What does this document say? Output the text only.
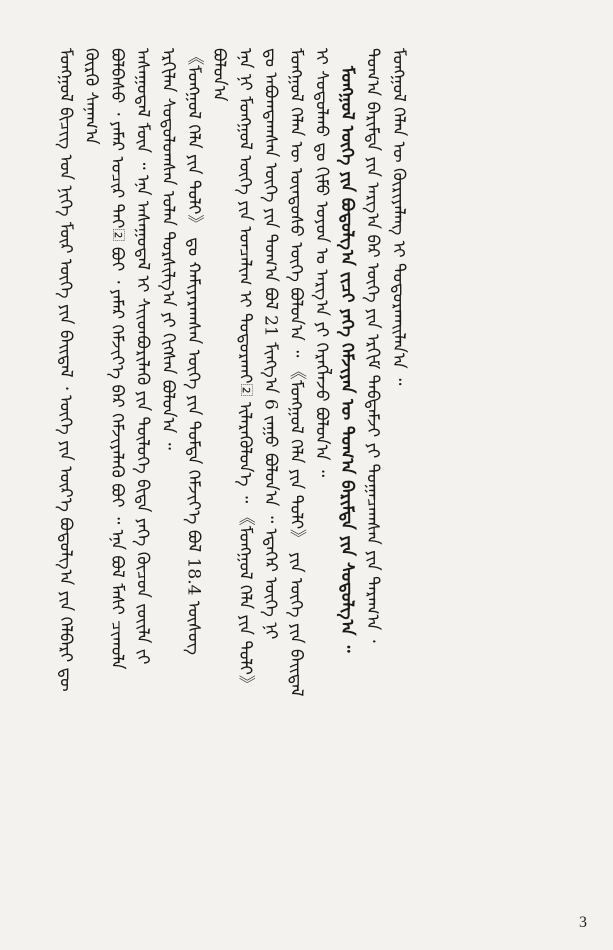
ᠮᠣᠩᠭᠣᠯ ᠪᠢᠴᠢᠭ ᠤᠨ ᠨᠢᠭᠡ ᠮᠥᠷ ᠦᠭᠡ ᠶᠢᠨ ᠪᠠᠢ᠌ᠳᠠᠯ ᠂ ᠦᠭᠡ ᠶᠢᠨ ᠦᠷ᠎ᠡ ᠪᠣᠳᠣᠯᠭ᠎ᠠ ᠶᠢᠨ ᠬᠡᠯᠪᠡᠷᠢ ᠳᠦ ᠬᠦᠷᠬᠦ ᠰᠠᠨᠠᠭ᠎ᠠ ᠪᠣᠯᠪᠠᠰᠤ ᠂ ᠶᠠᠮᠠᠷ ᠤᠴᠢᠷ ᠲᠠᠢ᠌ ᠪᠤᠢ ᠂ ᠶᠠᠮᠠᠷ ᠬᠡᠮᠵᠢᠶ᠎ᠡ ᠪᠡᠷ ᠬᠡᠮᠵᠢᠶᠡᠯᠡᠬᠦ ᠪᠤᠢ ᠃ ᠡᠨᠡ ᠪᠣᠯ ᠮᠠᠰᠢ ᠴᠢᠬᠤᠯᠠ ᠠᠰᠠᠭᠤᠳᠠᠯ ᠮᠥᠨ ᠃ ᠡᠨᠡ ᠠᠰᠠᠭᠤᠳᠠᠯ ᠢ ᠰᠢᠢᠳᠪᠦᠷᠢᠯᠡᠬᠦ ᠶᠢᠨ ᠲᠥᠯᠥᠭᠡ ᠪᠢᠳᠡ ᠶᠡᠬᠡ ᠬᠦᠴᠦᠨ ᠵᠦᠢᠯᠡ ᠵᠢ ᠡᠷᠬᠢᠯᠡᠨ ᠰᠤᠳᠤᠯᠤᠭᠰᠠᠨ ᠣᠯᠠᠨ ᠲᠤᠷᠰᠢᠯᠭ᠎ᠠ ᠶᠢ ᠬᠢᠭᠰᠡᠨ ᠪᠣᠯᠣᠨ᠎ᠠ ᠃ 《ᠮᠣᠩᠭᠣᠯ ᠬᠡᠯᠡ ᠶᠢᠨ ᠲᠣᠯᠢ》 ᠳᠤ ᠬᠠᠮᠢᠶᠠᠷᠠᠭᠰᠠᠨ ᠦᠭᠡ ᠶᠢᠨ ᠳᠤᠮᠳᠠ ᠬᠡᠮᠵᠢᠶ᠎ᠡ ᠪᠣᠯ 18.4 ᠦᠰᠦᠭ ᠪᠣᠯᠤᠨ᠎ᠠ ᠡᠨᠡ ᠨᠢ ᠮᠣᠩᠭᠣᠯ ᠦᠭᠡ ᠶᠢᠨ ᠣᠨᠴᠠᠯᠢᠭ ᠢ ᠲᠣᠳᠣᠷᠬᠠᠢ᠌ ᠢᠯᠡᠷᠡᠭᠦᠯᠦᠨ᠎ᠡ ᠃ 《ᠮᠣᠩᠭᠣᠯ ᠬᠡᠯᠡ ᠶᠢᠨ ᠲᠣᠯᠢ》 ᠳᠤ ᠠᠪᠤᠭᠳᠠᠭᠰᠠᠨ ᠦᠭᠡ ᠶᠢᠨ ᠲᠣᠭ᠎ᠠ ᠪᠣᠯ 21 ᠮᠢᠩᠭ᠎ᠠ 6 ᠵᠠᠭᠤ ᠪᠣᠯᠤᠨ᠎ᠠ ᠃ ᠡᠳᠡᠭᠡᠷ ᠦᠭᠡ ᠨᠢ ᠮᠣᠩᠭᠣᠯ ᠬᠡᠯᠡᠨ ᠦ ᠦᠨᠳᠦᠰᠦ ᠦᠭᠡ ᠪᠣᠯᠤᠨ᠎ᠠ ᠃ 《ᠮᠣᠩᠭᠣᠯ ᠬᠡᠯᠡ ᠶᠢᠨ ᠲᠣᠯᠢ》 ᠶᠢᠨ ᠦᠭᠡ ᠶᠢᠨ ᠪᠠᠢ᠌ᠳᠠᠯ ᠢ ᠰᠤᠳᠤᠯᠬᠤ ᠳᠤ ᠬᠢᠮᠤ ᠣᠶᠤᠨ ᠤ ᠠᠷᠭ᠎ᠠ ᠶᠢ ᠬᠡᠷᠡᠭᠯᠡᠵᠦ ᠪᠣᠯᠤᠨ᠎ᠠ ᠃ ᠮᠣᠩᠭᠣᠯ ᠦᠭᠡ ᠶᠢᠨ ᠪᠣᠳᠣᠯᠭ᠎ᠠ ᠵᠢᠴᠢ ᠶᠡᠬᠡ ᠬᠡᠮᠵᠢᠶᠡᠨ ᠦ ᠲᠣᠭ᠎ᠠ ᠪᠠᠷᠢᠮᠲᠠ ᠶᠢᠨ ᠰᠤᠳᠤᠯᠭ᠎ᠠ ᠃ ᠲᠣᠭ᠎ᠠ ᠪᠠᠷᠢᠮᠲᠠ ᠶᠢᠨ ᠠᠷᠭ᠎ᠠ ᠪᠡᠷ ᠦᠭᠡ ᠶᠢᠨ ᠡᠷᠬᠢᠮ ᠳᠠᠪᠲᠠᠮᠵᠢ ᠶᠢ ᠲᠣᠭᠠᠴᠠᠭᠰᠠᠨ ᠶᠢᠨ ᠳᠠᠷᠠᠭ᠎ᠠ ᠂ ᠮᠣᠩᠭᠣᠯ ᠬᠡᠯᠡᠨ ᠦ ᠬᠦᠷᠢᠶᠡᠯᠡᠩ ᠢ ᠲᠣᠳᠣᠷᠬᠠᠢ᠌ᠯᠠᠨ᠎ᠠ ᠃

3
